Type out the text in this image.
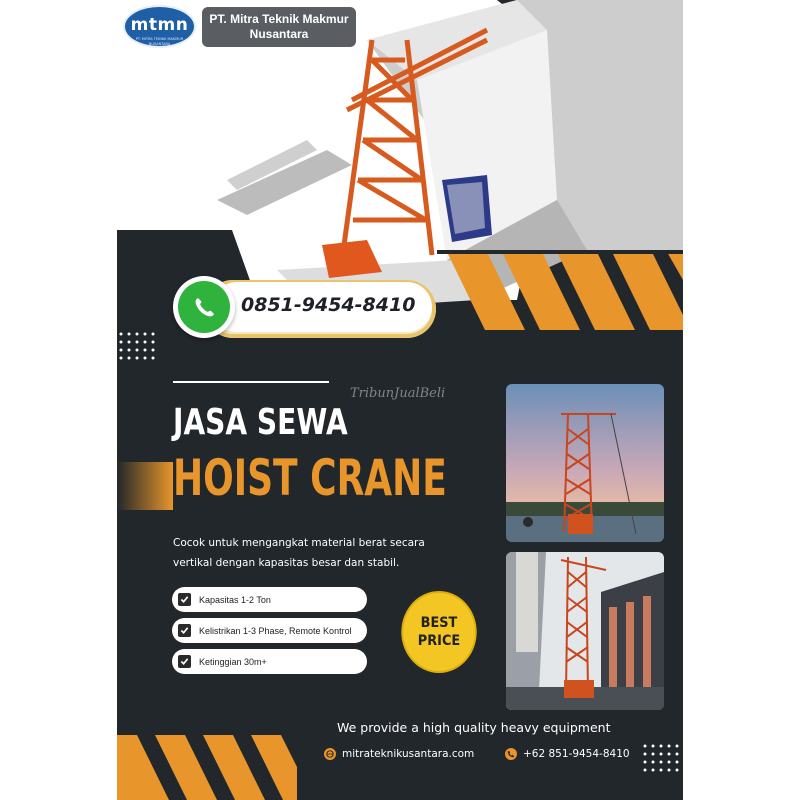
mtmn
PT. MITRA TEKNIK MAKMUR NUSANTARA
PT. Mitra Teknik Makmur
Nusantara
0851-9454-8410
TribunJualBeli
JASA SEWA
HOIST CRANE
Cocok untuk mengangkat material berat secara vertikal dengan kapasitas besar dan stabil.
Kapasitas 1-2 Ton
Kelistrikan 1-3 Phase, Remote Kontrol
Ketinggian 30m+
BEST
PRICE
We provide a high quality heavy equipment
mitrateknikusantara.com	+62 851-9454-8410
